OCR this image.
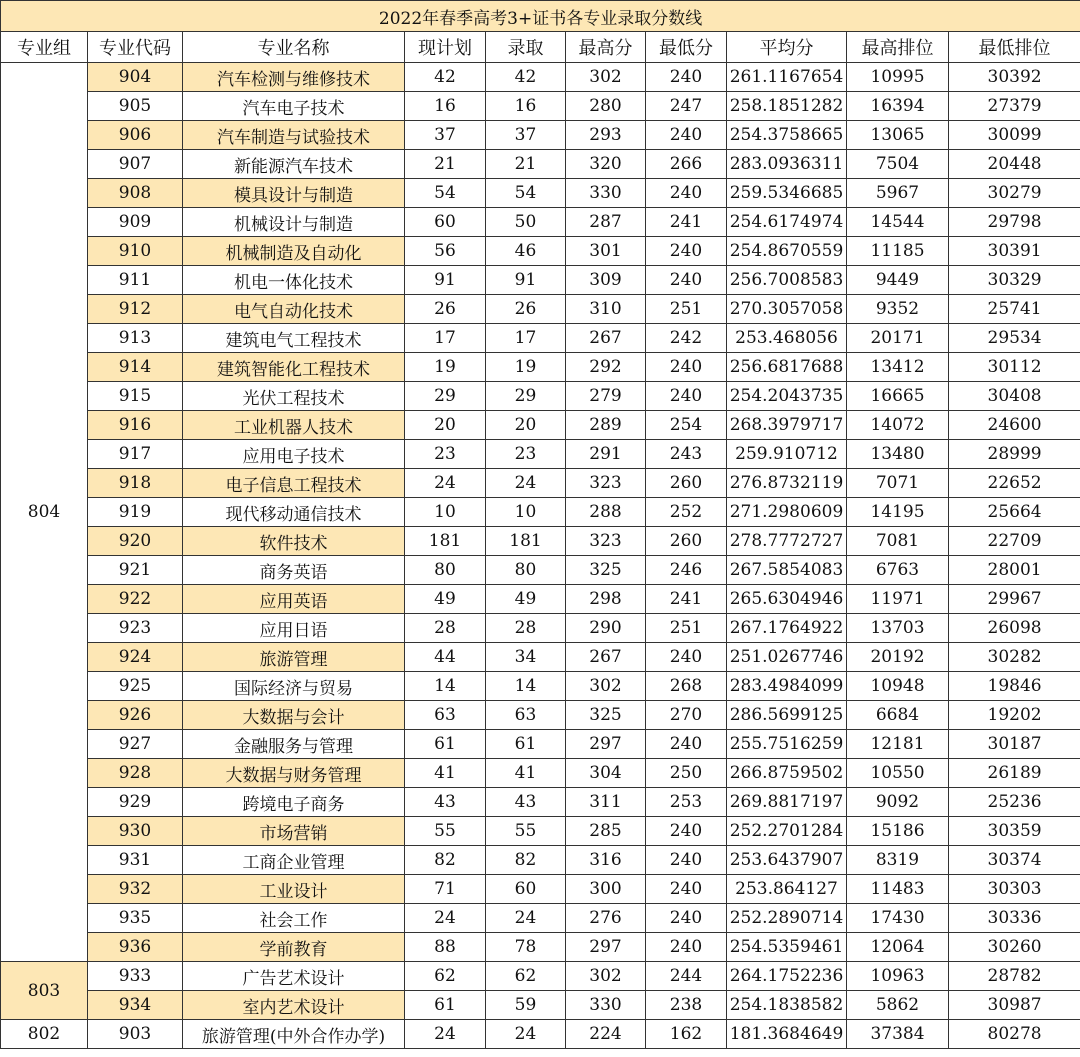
2022年春季高考3+证书各专业录取分数线									
专业组	专业代码	专业名称	现计划	录取	最高分	最低分	平均分	最高排位	最低排位
804	904	汽车检测与维修技术	42	42	302	240	261.1167654	10995	30392
	905	汽车电子技术	16	16	280	247	258.1851282	16394	27379
	906	汽车制造与试验技术	37	37	293	240	254.3758665	13065	30099
	907	新能源汽车技术	21	21	320	266	283.0936311	7504	20448
	908	模具设计与制造	54	54	330	240	259.5346685	5967	30279
	909	机械设计与制造	60	50	287	241	254.6174974	14544	29798
	910	机械制造及自动化	56	46	301	240	254.8670559	11185	30391
	911	机电一体化技术	91	91	309	240	256.7008583	9449	30329
	912	电气自动化技术	26	26	310	251	270.3057058	9352	25741
	913	建筑电气工程技术	17	17	267	242	253.468056	20171	29534
	914	建筑智能化工程技术	19	19	292	240	256.6817688	13412	30112
	915	光伏工程技术	29	29	279	240	254.2043735	16665	30408
	916	工业机器人技术	20	20	289	254	268.3979717	14072	24600
	917	应用电子技术	23	23	291	243	259.910712	13480	28999
	918	电子信息工程技术	24	24	323	260	276.8732119	7071	22652
	919	现代移动通信技术	10	10	288	252	271.2980609	14195	25664
	920	软件技术	181	181	323	260	278.7772727	7081	22709
	921	商务英语	80	80	325	246	267.5854083	6763	28001
	922	应用英语	49	49	298	241	265.6304946	11971	29967
	923	应用日语	28	28	290	251	267.1764922	13703	26098
	924	旅游管理	44	34	267	240	251.0267746	20192	30282
	925	国际经济与贸易	14	14	302	268	283.4984099	10948	19846
	926	大数据与会计	63	63	325	270	286.5699125	6684	19202
	927	金融服务与管理	61	61	297	240	255.7516259	12181	30187
	928	大数据与财务管理	41	41	304	250	266.8759502	10550	26189
	929	跨境电子商务	43	43	311	253	269.8817197	9092	25236
	930	市场营销	55	55	285	240	252.2701284	15186	30359
	931	工商企业管理	82	82	316	240	253.6437907	8319	30374
	932	工业设计	71	60	300	240	253.864127	11483	30303
	935	社会工作	24	24	276	240	252.2890714	17430	30336
	936	学前教育	88	78	297	240	254.5359461	12064	30260
803	933	广告艺术设计	62	62	302	244	264.1752236	10963	28782
	934	室内艺术设计	61	59	330	238	254.1838582	5862	30987
802	903	旅游管理(中外合作办学)	24	24	224	162	181.3684649	37384	80278
